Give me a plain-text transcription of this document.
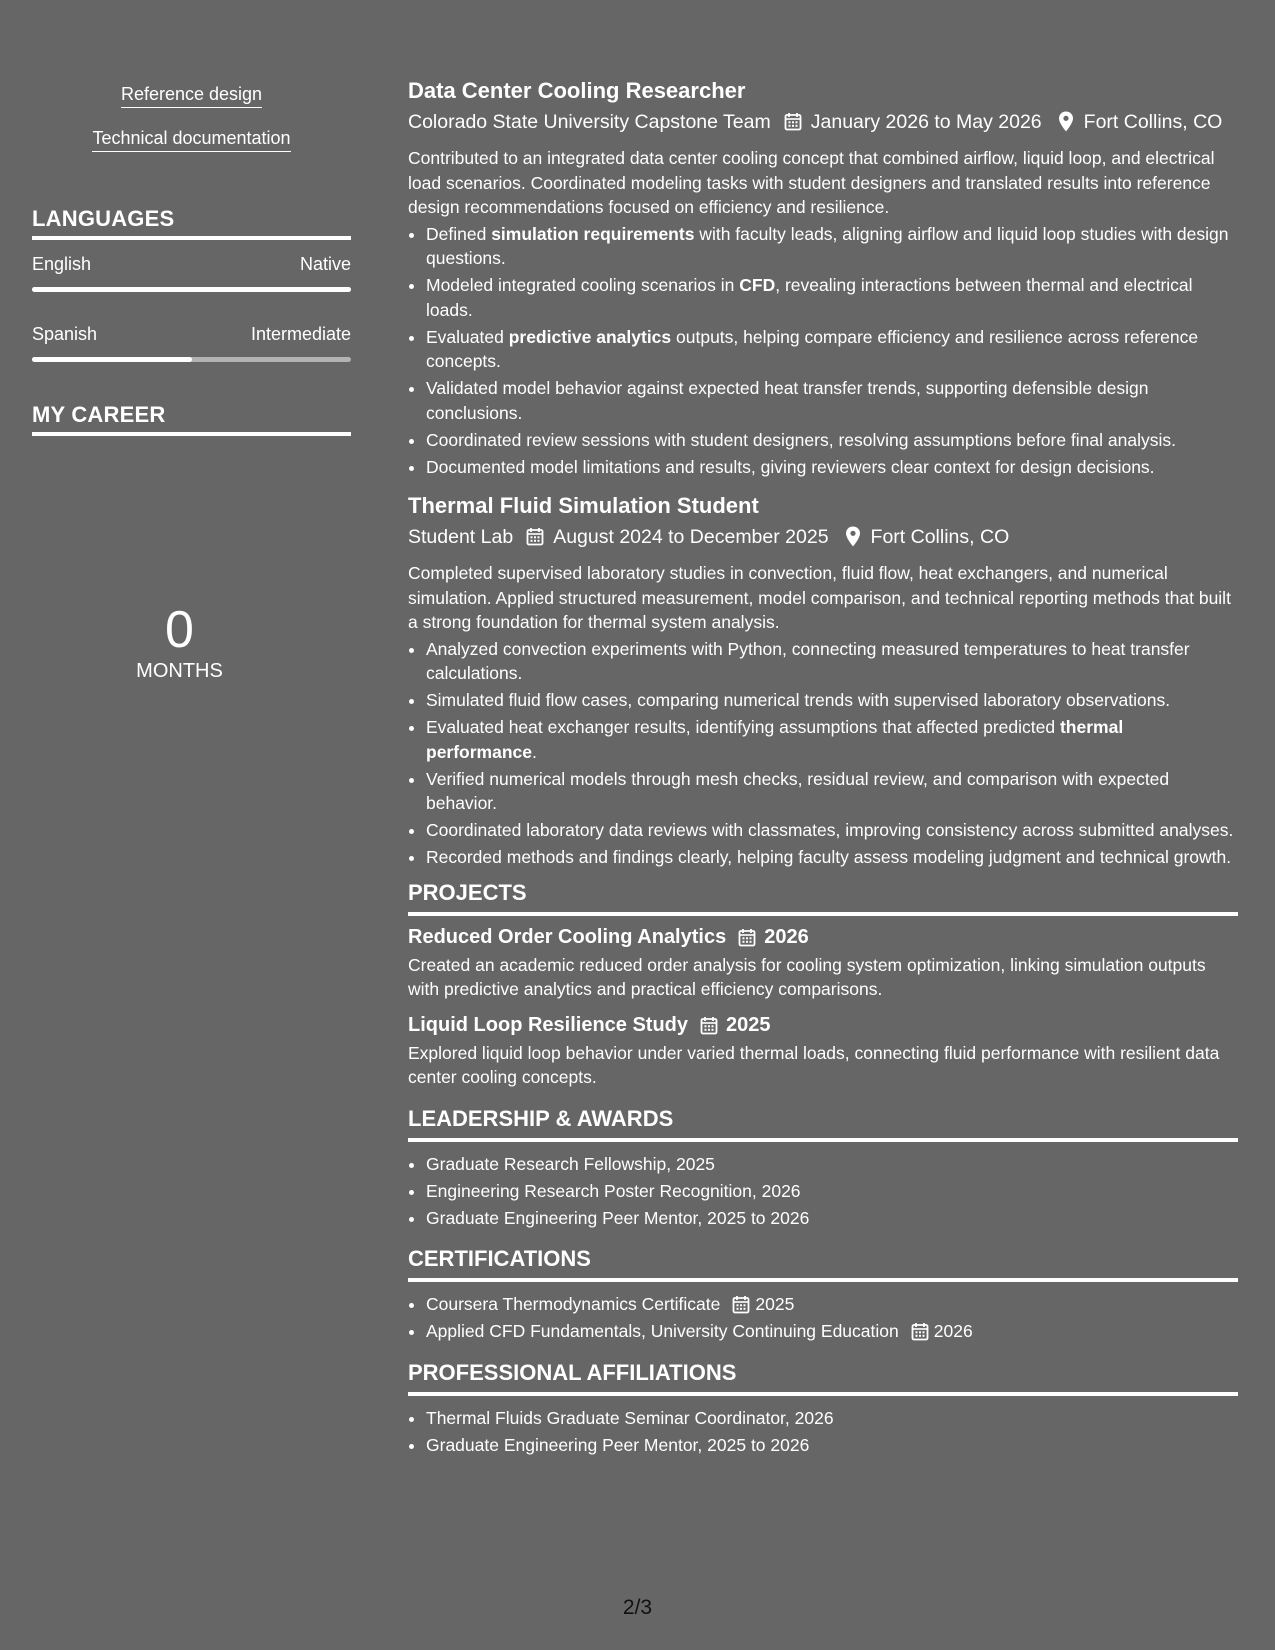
Reference design
Technical documentation
LANGUAGES
English	Native
Spanish	Intermediate
MY CAREER
0
MONTHS
Data Center Cooling Researcher
Colorado State University Capstone Team January 2026 to May 2026 Fort Collins, CO
Contributed to an integrated data center cooling concept that combined airflow, liquid loop, and electrical load scenarios. Coordinated modeling tasks with student designers and translated results into reference design recommendations focused on efficiency and resilience.
• Defined simulation requirements with faculty leads, aligning airflow and liquid loop studies with design questions.
• Modeled integrated cooling scenarios in CFD, revealing interactions between thermal and electrical loads.
• Evaluated predictive analytics outputs, helping compare efficiency and resilience across reference concepts.
• Validated model behavior against expected heat transfer trends, supporting defensible design conclusions.
• Coordinated review sessions with student designers, resolving assumptions before final analysis.
• Documented model limitations and results, giving reviewers clear context for design decisions.
Thermal Fluid Simulation Student
Student Lab August 2024 to December 2025 Fort Collins, CO
Completed supervised laboratory studies in convection, fluid flow, heat exchangers, and numerical simulation. Applied structured measurement, model comparison, and technical reporting methods that built a strong foundation for thermal system analysis.
• Analyzed convection experiments with Python, connecting measured temperatures to heat transfer calculations.
• Simulated fluid flow cases, comparing numerical trends with supervised laboratory observations.
• Evaluated heat exchanger results, identifying assumptions that affected predicted thermal performance.
• Verified numerical models through mesh checks, residual review, and comparison with expected behavior.
• Coordinated laboratory data reviews with classmates, improving consistency across submitted analyses.
• Recorded methods and findings clearly, helping faculty assess modeling judgment and technical growth.
PROJECTS
Reduced Order Cooling Analytics 2026
Created an academic reduced order analysis for cooling system optimization, linking simulation outputs with predictive analytics and practical efficiency comparisons.
Liquid Loop Resilience Study 2025
Explored liquid loop behavior under varied thermal loads, connecting fluid performance with resilient data center cooling concepts.
LEADERSHIP & AWARDS
• Graduate Research Fellowship, 2025
• Engineering Research Poster Recognition, 2026
• Graduate Engineering Peer Mentor, 2025 to 2026
CERTIFICATIONS
• Coursera Thermodynamics Certificate 2025
• Applied CFD Fundamentals, University Continuing Education 2026
PROFESSIONAL AFFILIATIONS
• Thermal Fluids Graduate Seminar Coordinator, 2026
• Graduate Engineering Peer Mentor, 2025 to 2026
2/3
